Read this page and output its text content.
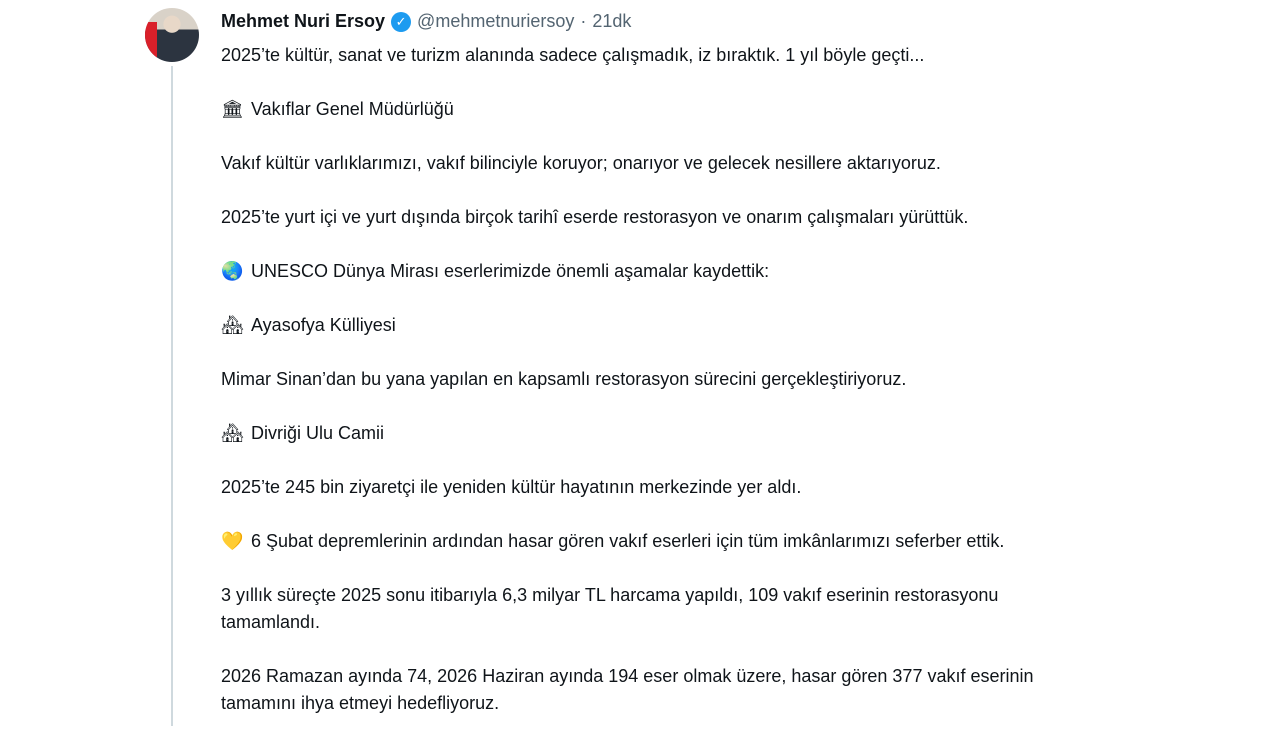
Mehmet Nuri Ersoy ✓ @mehmetnuriersoy · 21dk

2025’te kültür, sanat ve turizm alanında sadece çalışmadık, iz bıraktık. 1 yıl böyle geçti...

🏛 Vakıflar Genel Müdürlüğü

Vakıf kültür varlıklarımızı, vakıf bilinciyle koruyor; onarıyor ve gelecek nesillere aktarıyoruz.

2025’te yurt içi ve yurt dışında birçok tarihî eserde restorasyon ve onarım çalışmaları yürüttük.

🌏 UNESCO Dünya Mirası eserlerimizde önemli aşamalar kaydettik:

🏘 Ayasofya Külliyesi

Mimar Sinan’dan bu yana yapılan en kapsamlı restorasyon sürecini gerçekleştiriyoruz.

🏘 Divriği Ulu Camii

2025’te 245 bin ziyaretçi ile yeniden kültür hayatının merkezinde yer aldı.

💛 6 Şubat depremlerinin ardından hasar gören vakıf eserleri için tüm imkânlarımızı seferber ettik.

3 yıllık süreçte 2025 sonu itibarıyla 6,3 milyar TL harcama yapıldı, 109 vakıf eserinin restorasyonu tamamlandı.

2026 Ramazan ayında 74, 2026 Haziran ayında 194 eser olmak üzere, hasar gören 377 vakıf eserinin tamamını ihya etmeyi hedefliyoruz.
